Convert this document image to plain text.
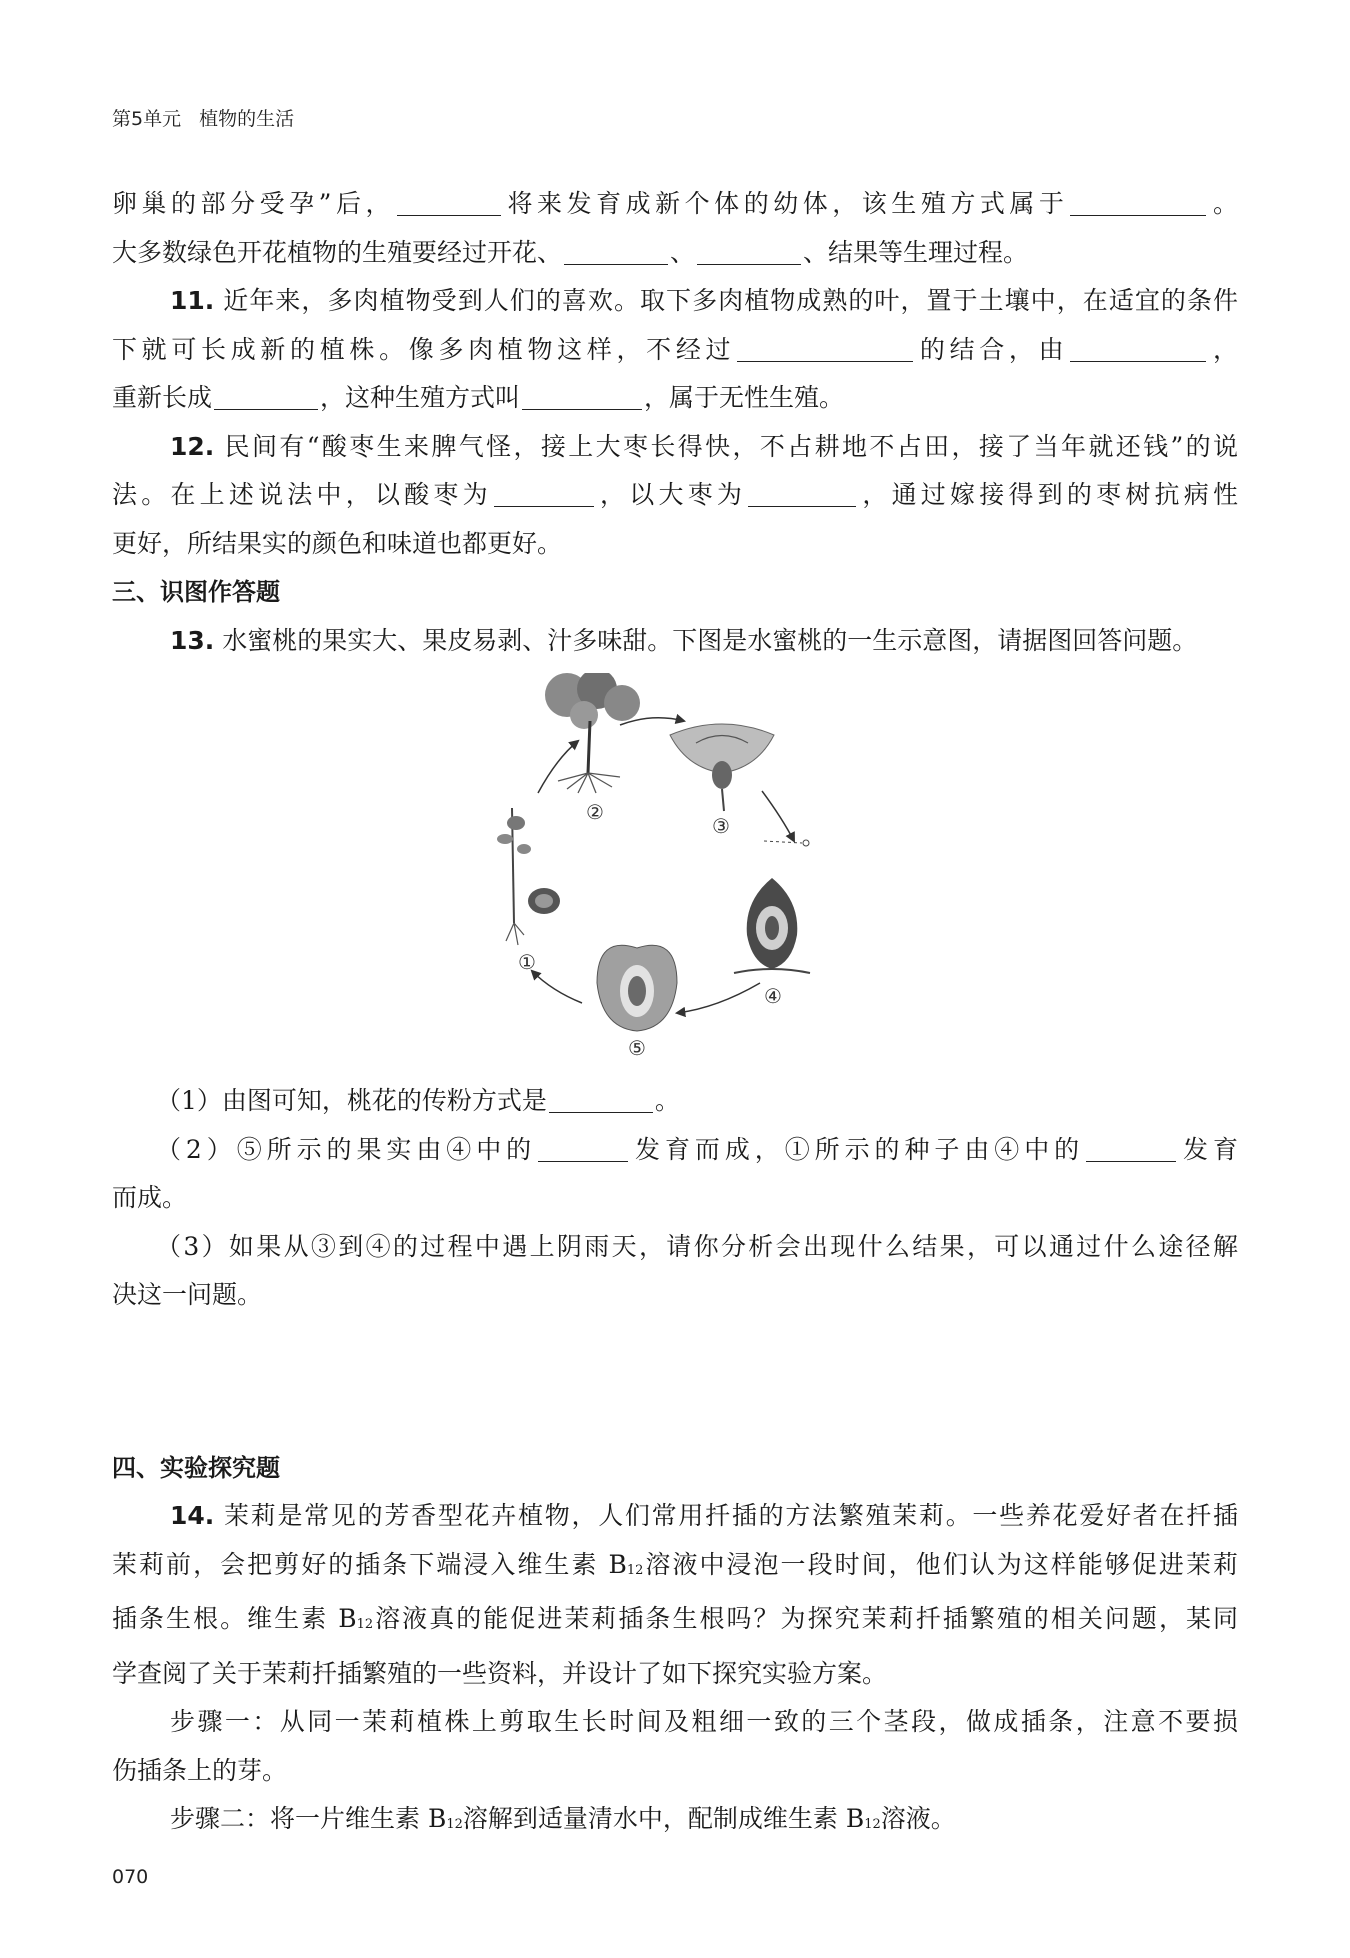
第5单元 植物的生活

卵巢的部分受孕”后，	将来发育成新个体的幼体，该生殖方式属于	。

大多数绿色开花植物的生殖要经过开花、	、	、结果等生理过程。

11. 近年来，多肉植物受到人们的喜欢。取下多肉植物成熟的叶，置于土壤中，在适宜的条件

下就可长成新的植株。像多肉植物这样，不经过	的结合，由	，

重新长成	，这种生殖方式叫	，属于无性生殖。

12. 民间有“酸枣生来脾气怪，接上大枣长得快，不占耕地不占田，接了当年就还钱”的说

法。在上述说法中，以酸枣为	，以大枣为	，通过嫁接得到的枣树抗病性

更好，所结果实的颜色和味道也都更好。

三、识图作答题

13. 水蜜桃的果实大、果皮易剥、汁多味甜。下图是水蜜桃的一生示意图，请据图回答问题。

①
②
③
④
⑤

（1）由图可知，桃花的传粉方式是	。

（2）⑤所示的果实由④中的	发育而成，①所示的种子由④中的	发育

而成。

（3）如果从③到④的过程中遇上阴雨天，请你分析会出现什么结果，可以通过什么途径解

决这一问题。

四、实验探究题

14. 茉莉是常见的芳香型花卉植物，人们常用扦插的方法繁殖茉莉。一些养花爱好者在扦插

茉莉前，会把剪好的插条下端浸入维生素 $B_{12}$溶液中浸泡一段时间，他们认为这样能够促进茉莉

插条生根。维生素 $B_{12}$溶液真的能促进茉莉插条生根吗？为探究茉莉扦插繁殖的相关问题，某同

学查阅了关于茉莉扦插繁殖的一些资料，并设计了如下探究实验方案。

步骤一：从同一茉莉植株上剪取生长时间及粗细一致的三个茎段，做成插条，注意不要损

伤插条上的芽。

步骤二：将一片维生素 $B_{12}$溶解到适量清水中，配制成维生素 $B_{12}$溶液。

070
